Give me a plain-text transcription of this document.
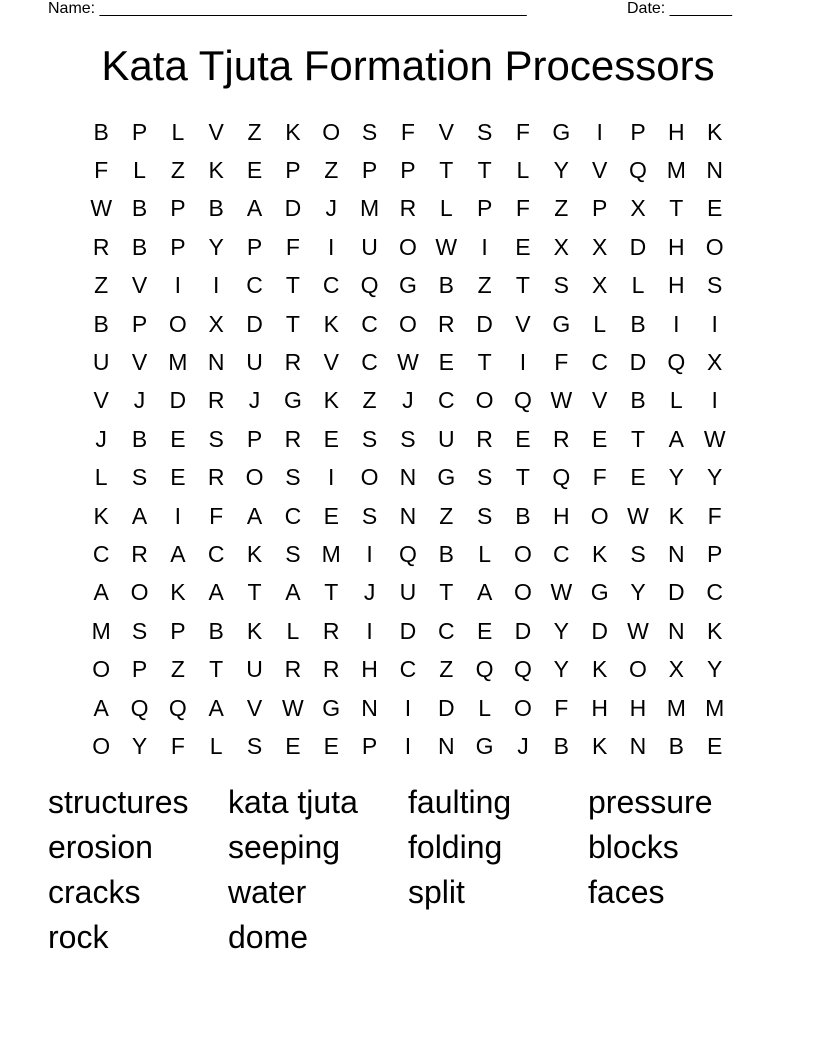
Name: ________________________________________________	Date: _______
Kata Tjuta Formation Processors
B	P	L	V	Z	K O S	F	V	S	F G	I	P H K
F	L	Z	K	E	P	Z	P	P	T	T	L	Y	V Q M N
W B	P	B	A D	J	M R	L	P	F	Z	P	X	T	E
R B	P	Y	P	F	I	U O W	I	E	X	X D H O
Z	V	I	I	C	T	C Q G B	Z	T	S	X	L	H S
B	P O X D	T	K C O R D V G	L	B	I	I
U V M N U R V C W E	T	I	F	C D Q X
V	J	D R	J	G K	Z	J	C O Q W V	B	L	I
J	B	E	S	P R E	S	S U R E R E	T	A W
L	S	E R O S	I	O N G S	T Q F	E	Y	Y
K	A	I	F	A C E	S N	Z	S	B H O W K	F
C R A C K	S M	I	Q B	L	O C K	S N P
A O K	A	T	A	T	J	U	T	A O W G Y D C
M S	P	B	K	L	R	I	D C E D Y D W N K
O P	Z	T	U R R H C	Z Q Q Y	K O X	Y
A Q Q A	V W G N	I	D	L	O F	H H M M
O Y	F	L	S	E	E	P	I	N G	J	B	K N B	E
structures	kata tjuta	faulting	pressure
erosion	seeping	folding	blocks
cracks	water	split	faces
rock	dome
